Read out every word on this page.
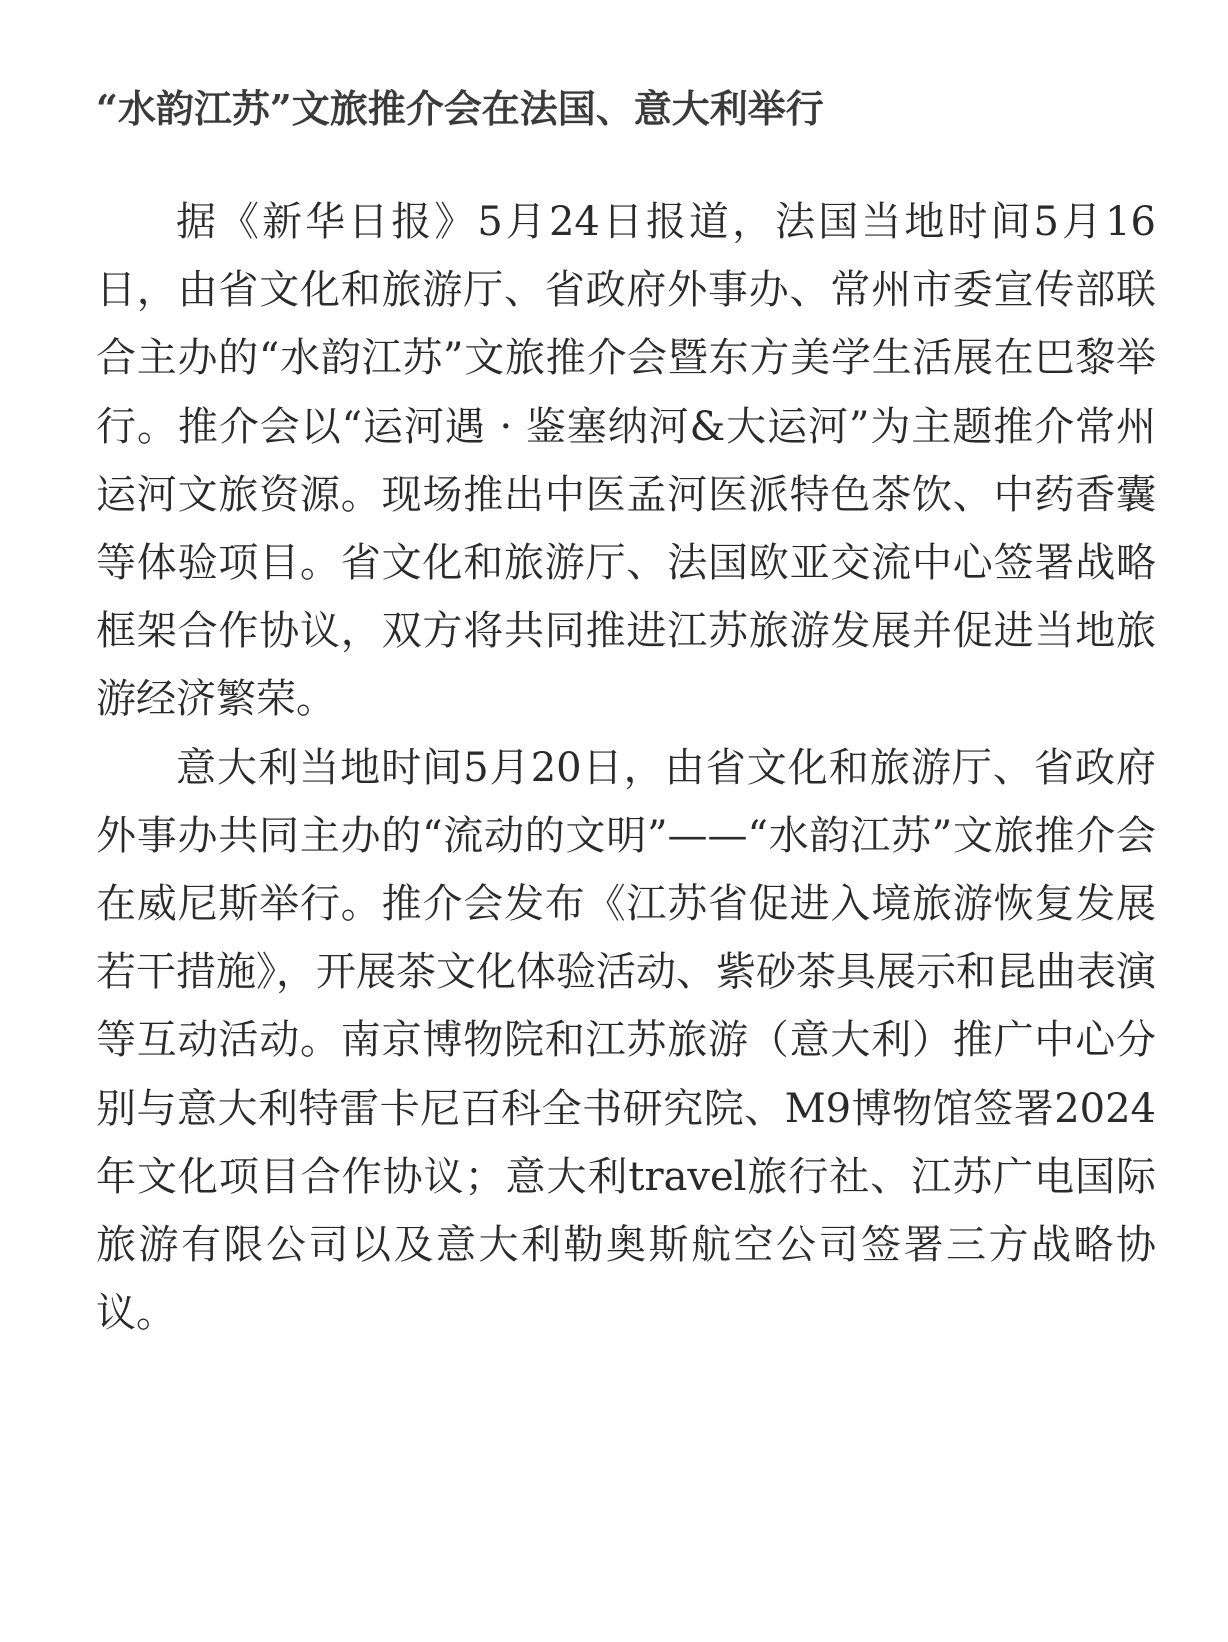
“水韵江苏”文旅推介会在法国、意大利举行

据《新华日报》5月24日报道，法国当地时间5月16日，由省文化和旅游厅、省政府外事办、常州市委宣传部联合主办的“水韵江苏”文旅推介会暨东方美学生活展在巴黎举行。推介会以“运河遇 · 鉴塞纳河&大运河”为主题推介常州运河文旅资源。现场推出中医孟河医派特色茶饮、中药香囊等体验项目。省文化和旅游厅、法国欧亚交流中心签署战略框架合作协议，双方将共同推进江苏旅游发展并促进当地旅游经济繁荣。

意大利当地时间5月20日，由省文化和旅游厅、省政府外事办共同主办的“流动的文明”——“水韵江苏”文旅推介会在威尼斯举行。推介会发布《江苏省促进入境旅游恢复发展若干措施》，开展茶文化体验活动、紫砂茶具展示和昆曲表演等互动活动。南京博物院和江苏旅游（意大利）推广中心分别与意大利特雷卡尼百科全书研究院、M9博物馆签署2024年文化项目合作协议；意大利travel旅行社、江苏广电国际旅游有限公司以及意大利勒奥斯航空公司签署三方战略协议。
